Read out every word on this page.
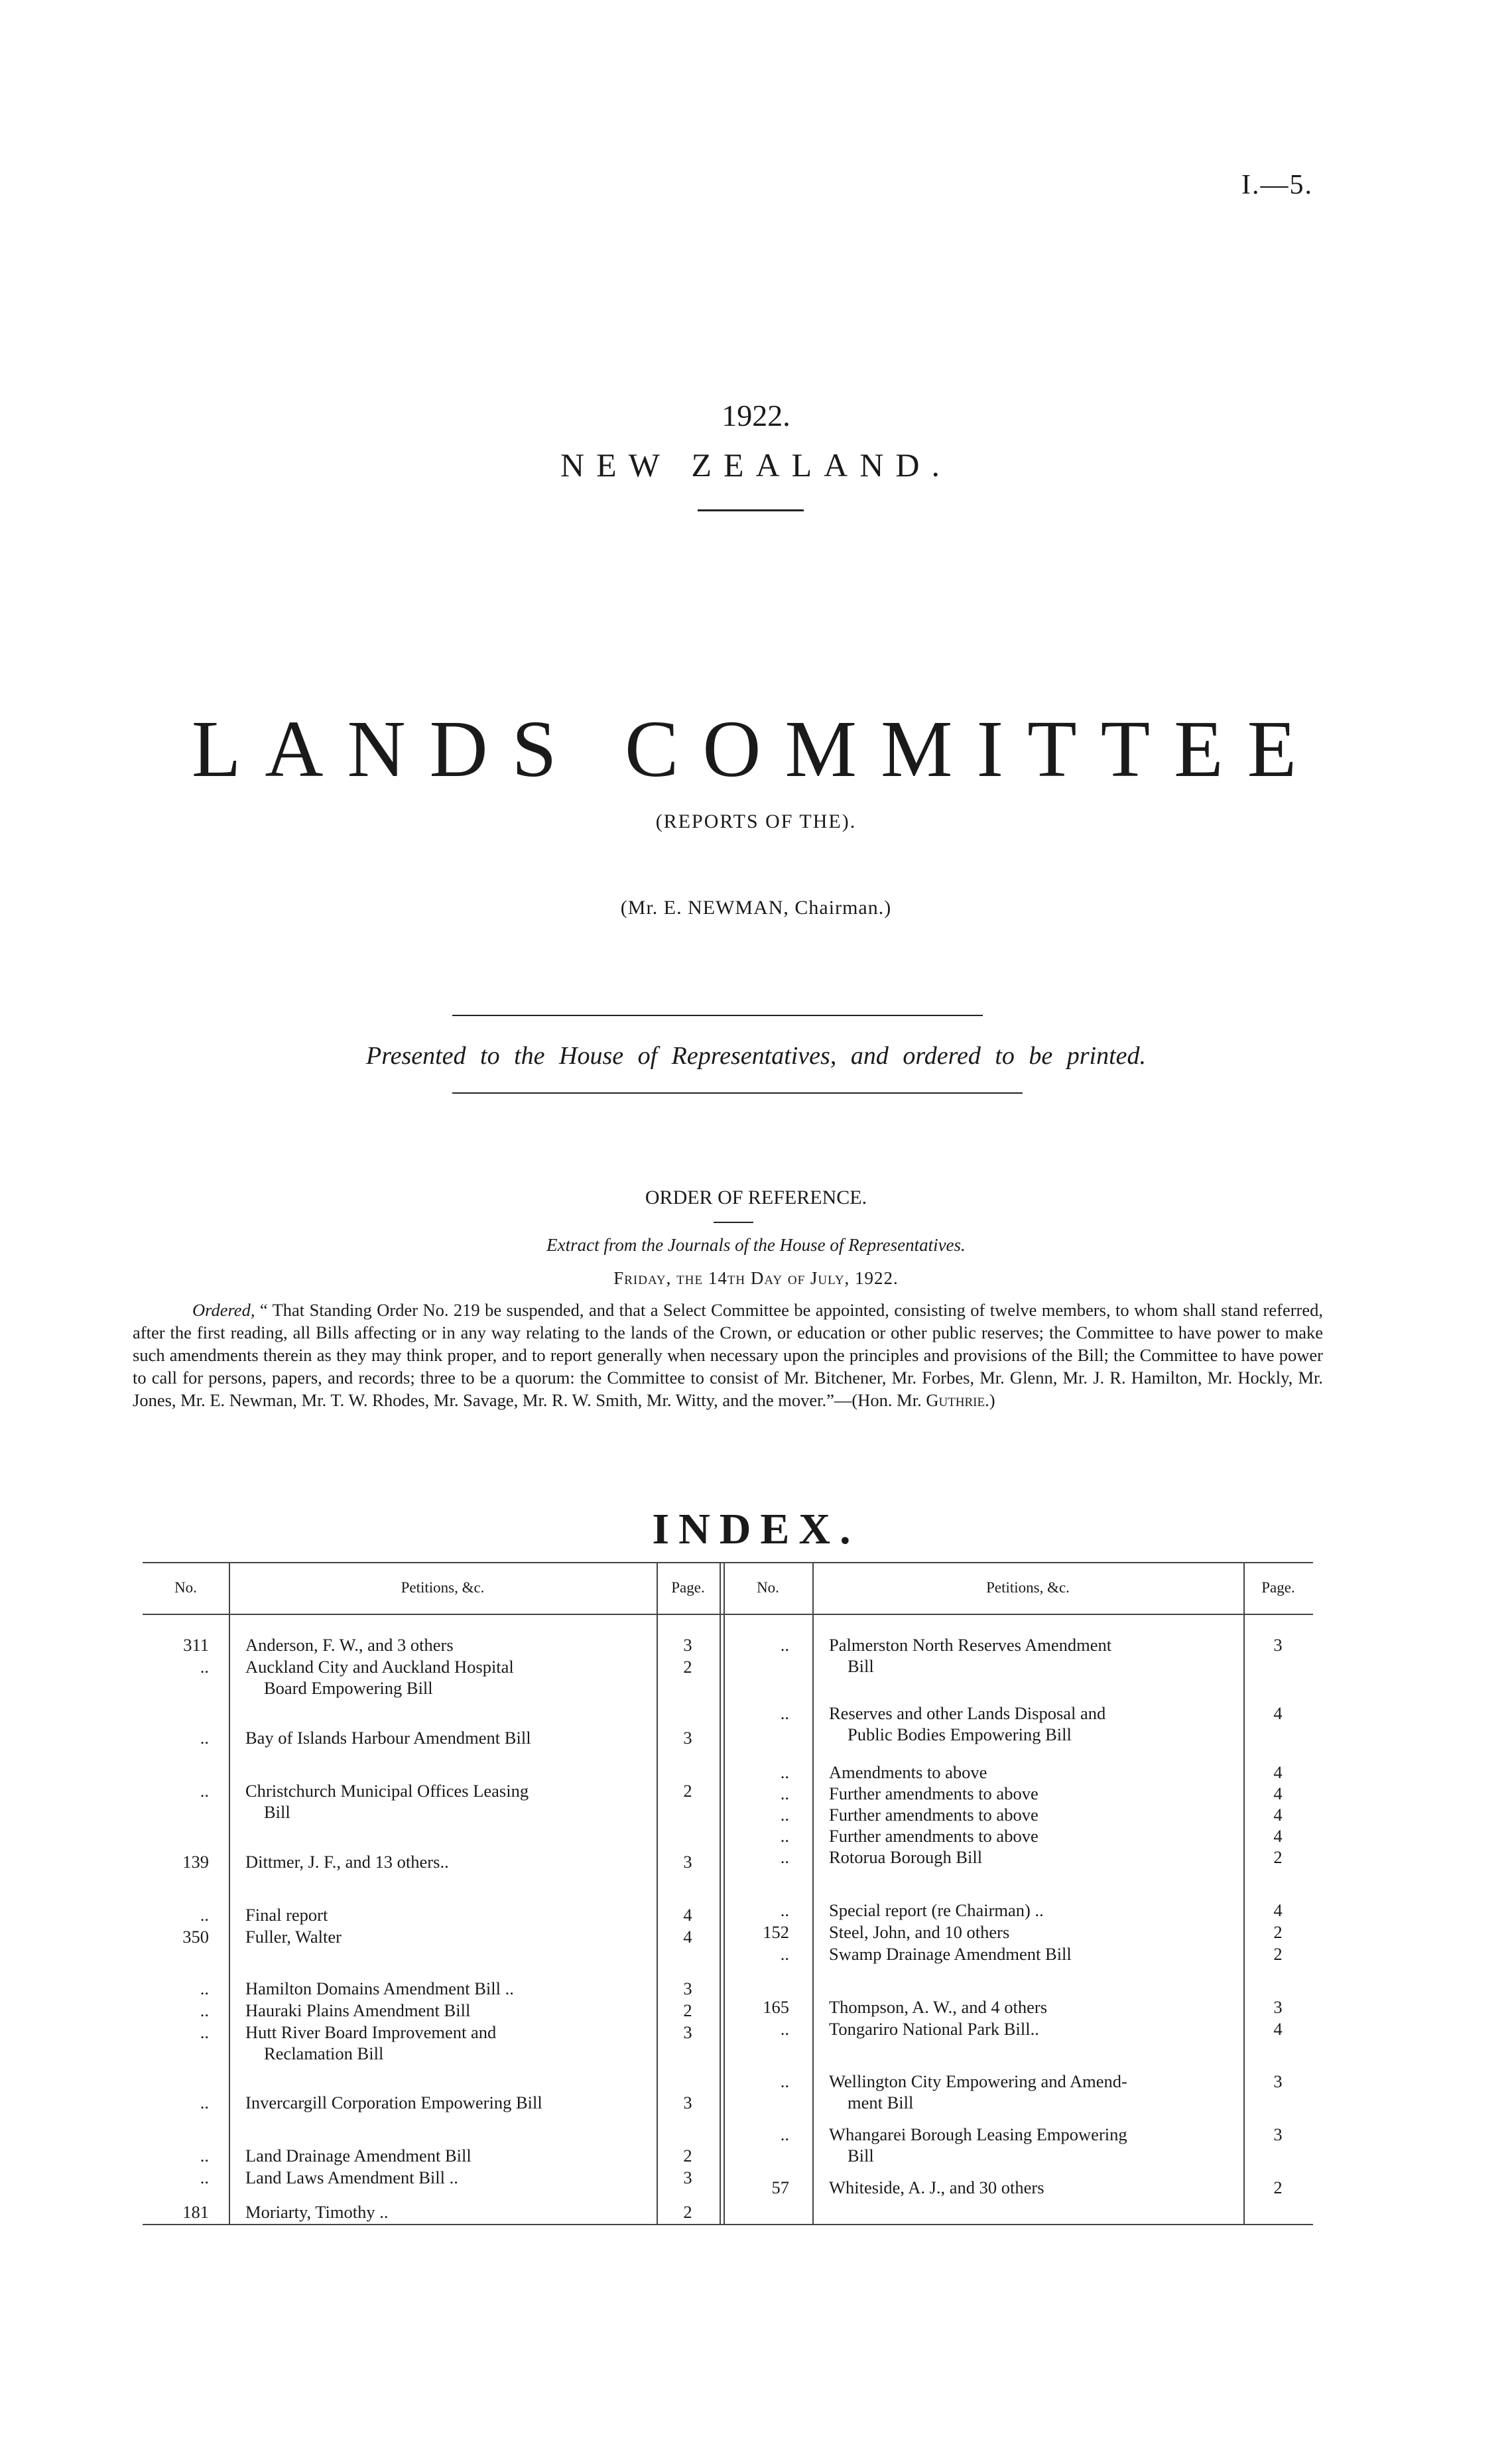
I.—5.
1922.
NEW ZEALAND.
LANDS COMMITTEE
(REPORTS OF THE).
(Mr. E. NEWMAN, Chairman.)
Presented to the House of Representatives, and ordered to be printed.
ORDER OF REFERENCE.
Extract from the Journals of the House of Representatives.
Friday, the 14th Day of July, 1922.

Ordered, “ That Standing Order No. 219 be suspended, and that a Select Committee be appointed, consisting of twelve members, to whom shall stand referred, after the first reading, all Bills affecting or in any way relating to the lands of the Crown, or education or other public reserves; the Committee to have power to make such amendments therein as they may think proper, and to report generally when necessary upon the principles and provisions of the Bill; the Committee to have power to call for persons, papers, and records; three to be a quorum: the Committee to consist of Mr. Bitchener, Mr. Forbes, Mr. Glenn, Mr. J. R. Hamilton, Mr. Hockly, Mr. Jones, Mr. E. Newman, Mr. T. W. Rhodes, Mr. Savage, Mr. R. W. Smith, Mr. Witty, and the mover.”—(Hon. Mr. Guthrie.)

INDEX.
No.	Petitions, &c.	Page.	No.	Petitions, &c.	Page.
311 Anderson, F. W., and 3 others	3
.. Auckland City and Auckland Hospital	2
Board Empowering Bill
.. Bay of Islands Harbour Amendment Bill	3
.. Christchurch Municipal Offices Leasing	2
Bill
139 Dittmer, J. F., and 13 others..	3
.. Final report	4
350 Fuller, Walter	4
.. Hamilton Domains Amendment Bill ..	3
.. Hauraki Plains Amendment Bill	2
.. Hutt River Board Improvement and	3
Reclamation Bill
.. Invercargill Corporation Empowering Bill	3
.. Land Drainage Amendment Bill	2
.. Land Laws Amendment Bill ..	3
181 Moriarty, Timothy ..	2
.. Palmerston North Reserves Amendment	3
Bill
.. Reserves and other Lands Disposal and	4
Public Bodies Empowering Bill
.. Amendments to above	4
.. Further amendments to above	4
.. Further amendments to above	4
.. Further amendments to above	4
.. Rotorua Borough Bill	2
.. Special report (re Chairman) ..	4
152 Steel, John, and 10 others	2
.. Swamp Drainage Amendment Bill	2
165 Thompson, A. W., and 4 others	3
.. Tongariro National Park Bill..	4
.. Wellington City Empowering and Amend-	3
ment Bill
.. Whangarei Borough Leasing Empowering	3
Bill
57 Whiteside, A. J., and 30 others	2
